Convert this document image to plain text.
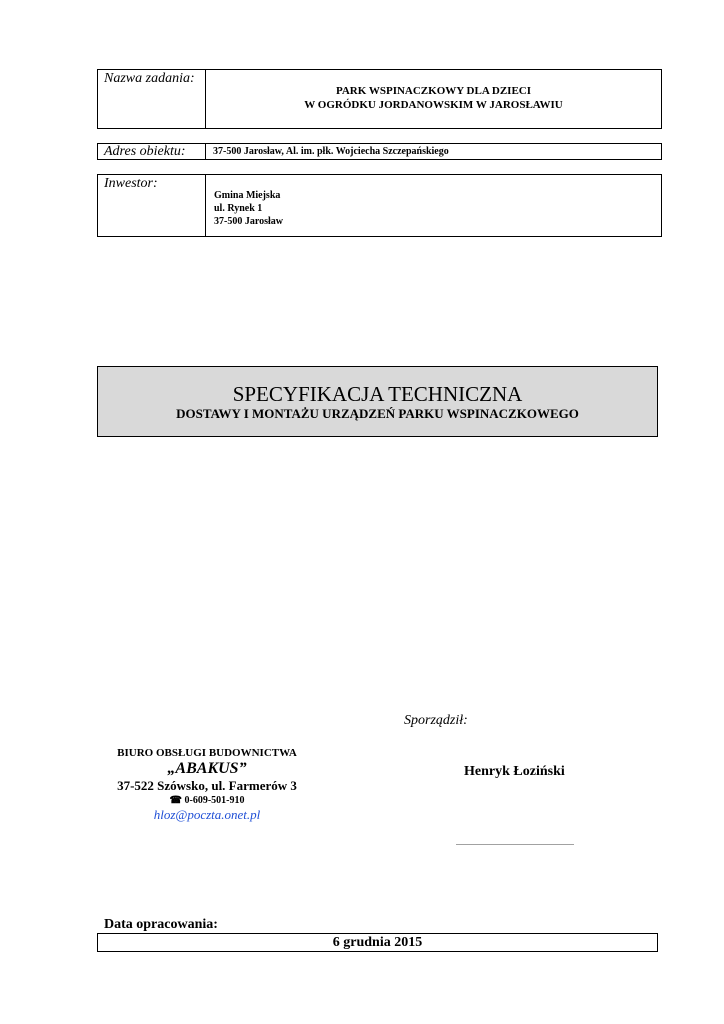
Nazwa zadania:
PARK WSPINACZKOWY DLA DZIECI
W OGRÓDKU JORDANOWSKIM W JAROSŁAWIU
Adres obiektu:	37-500 Jarosław, Al. im. płk. Wojciecha Szczepańskiego
Inwestor:
Gmina Miejska
ul. Rynek 1
37-500 Jarosław
SPECYFIKACJA TECHNICZNA
DOSTAWY I MONTAŻU URZĄDZEŃ PARKU WSPINACZKOWEGO
Sporządził:
Henryk Łoziński
...........................................................
BIURO OBSŁUGI BUDOWNICTWA
„ABAKUS”
37-522 Szówsko, ul. Farmerów 3
☎ 0-609-501-910
hloz@poczta.onet.pl
Data opracowania:
6 grudnia 2015
